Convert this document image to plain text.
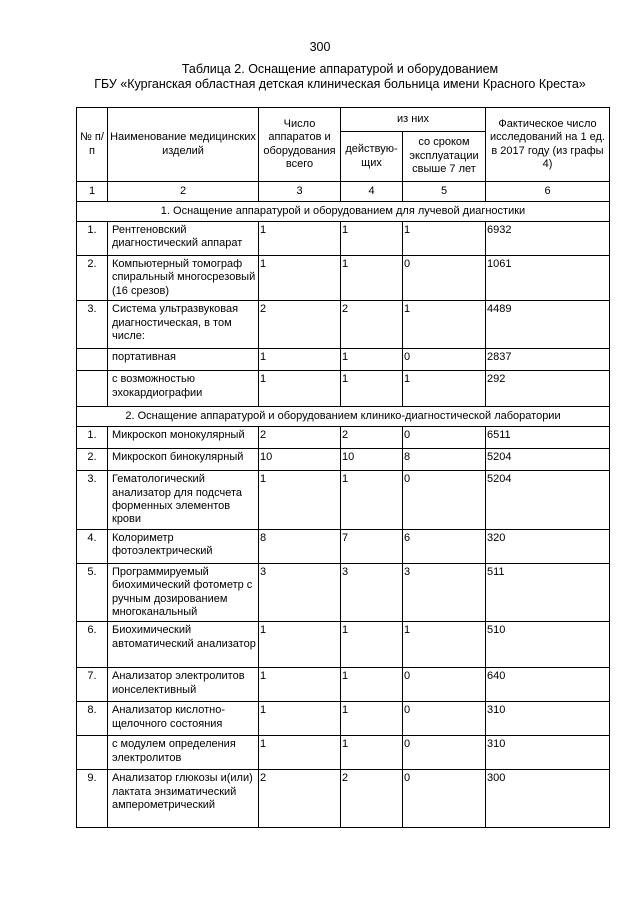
300
Таблица 2. Оснащение аппаратурой и оборудованием
ГБУ «Курганская областная детская клиническая больница имени Красного Креста»
№ п/п	Наименование медицинских изделий	Число аппаратов и оборудования всего	из них		Фактическое число исследований на 1 ед. в 2017 году (из графы 4)
			действую-щих	со сроком эксплуатации свыше 7 лет	
1	2	3	4	5	6
1. Оснащение аппаратурой и оборудованием для лучевой диагностики					
1.	Рентгеновский диагностический аппарат	1	1	1	6932
2.	Компьютерный томограф спиральный многосрезовый (16 срезов)	1	1	0	1061
3.	Система ультразвуковая диагностическая, в том числе:	2	2	1	4489
	портативная	1	1	0	2837
	с возможностью эхокардиографии	1	1	1	292
2. Оснащение аппаратурой и оборудованием клинико-диагностической лаборатории					
1.	Микроскоп монокулярный	2	2	0	6511
2.	Микроскоп бинокулярный	10	10	8	5204
3.	Гематологический анализатор для подсчета форменных элементов крови	1	1	0	5204
4.	Колориметр фотоэлектрический	8	7	6	320
5.	Программируемый биохимический фотометр с ручным дозированием многоканальный	3	3	3	511
6.	Биохимический автоматический анализатор	1	1	1	510
7.	Анализатор электролитов ионселективный	1	1	0	640
8.	Анализатор кислотно-щелочного состояния	1	1	0	310
	с модулем определения электролитов	1	1	0	310
9.	Анализатор глюкозы и(или) лактата энзиматический амперометрический	2	2	0	300
